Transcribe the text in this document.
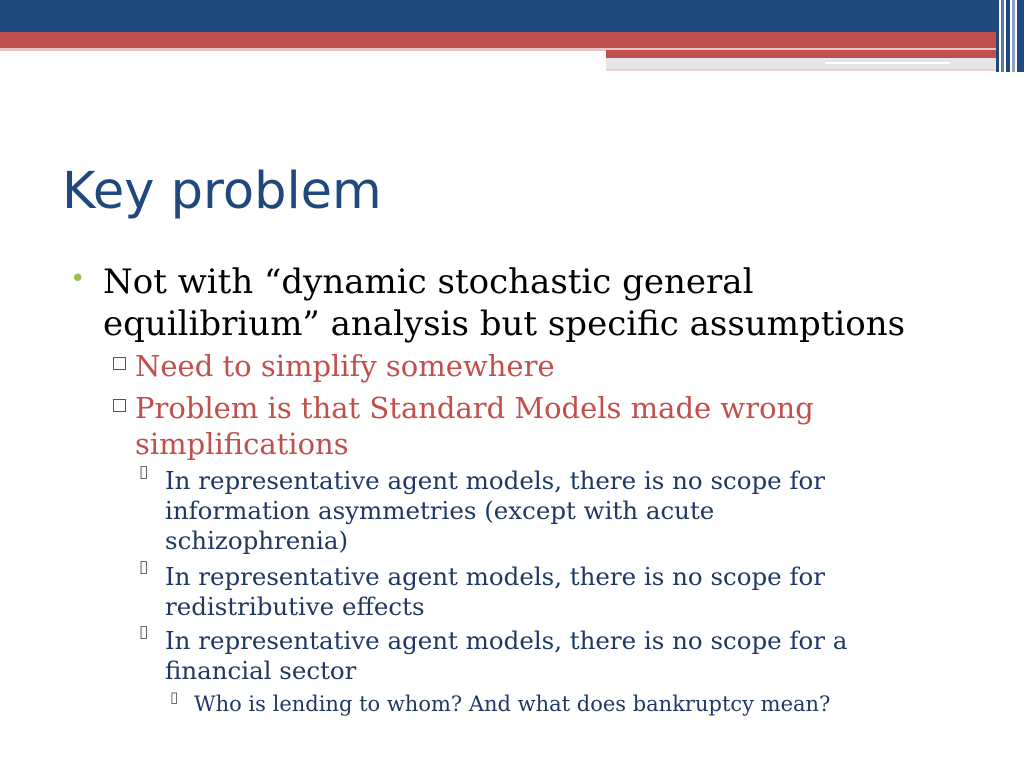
Key problem
• Not with “dynamic stochastic general
equilibrium” analysis but specific assumptions
Need to simplify somewhere
Problem is that Standard Models made wrong
simplifications
▯ In representative agent models, there is no scope for
information asymmetries (except with acute
schizophrenia)
▯ In representative agent models, there is no scope for
redistributive effects
▯ In representative agent models, there is no scope for a
financial sector
▯ Who is lending to whom? And what does bankruptcy mean?
